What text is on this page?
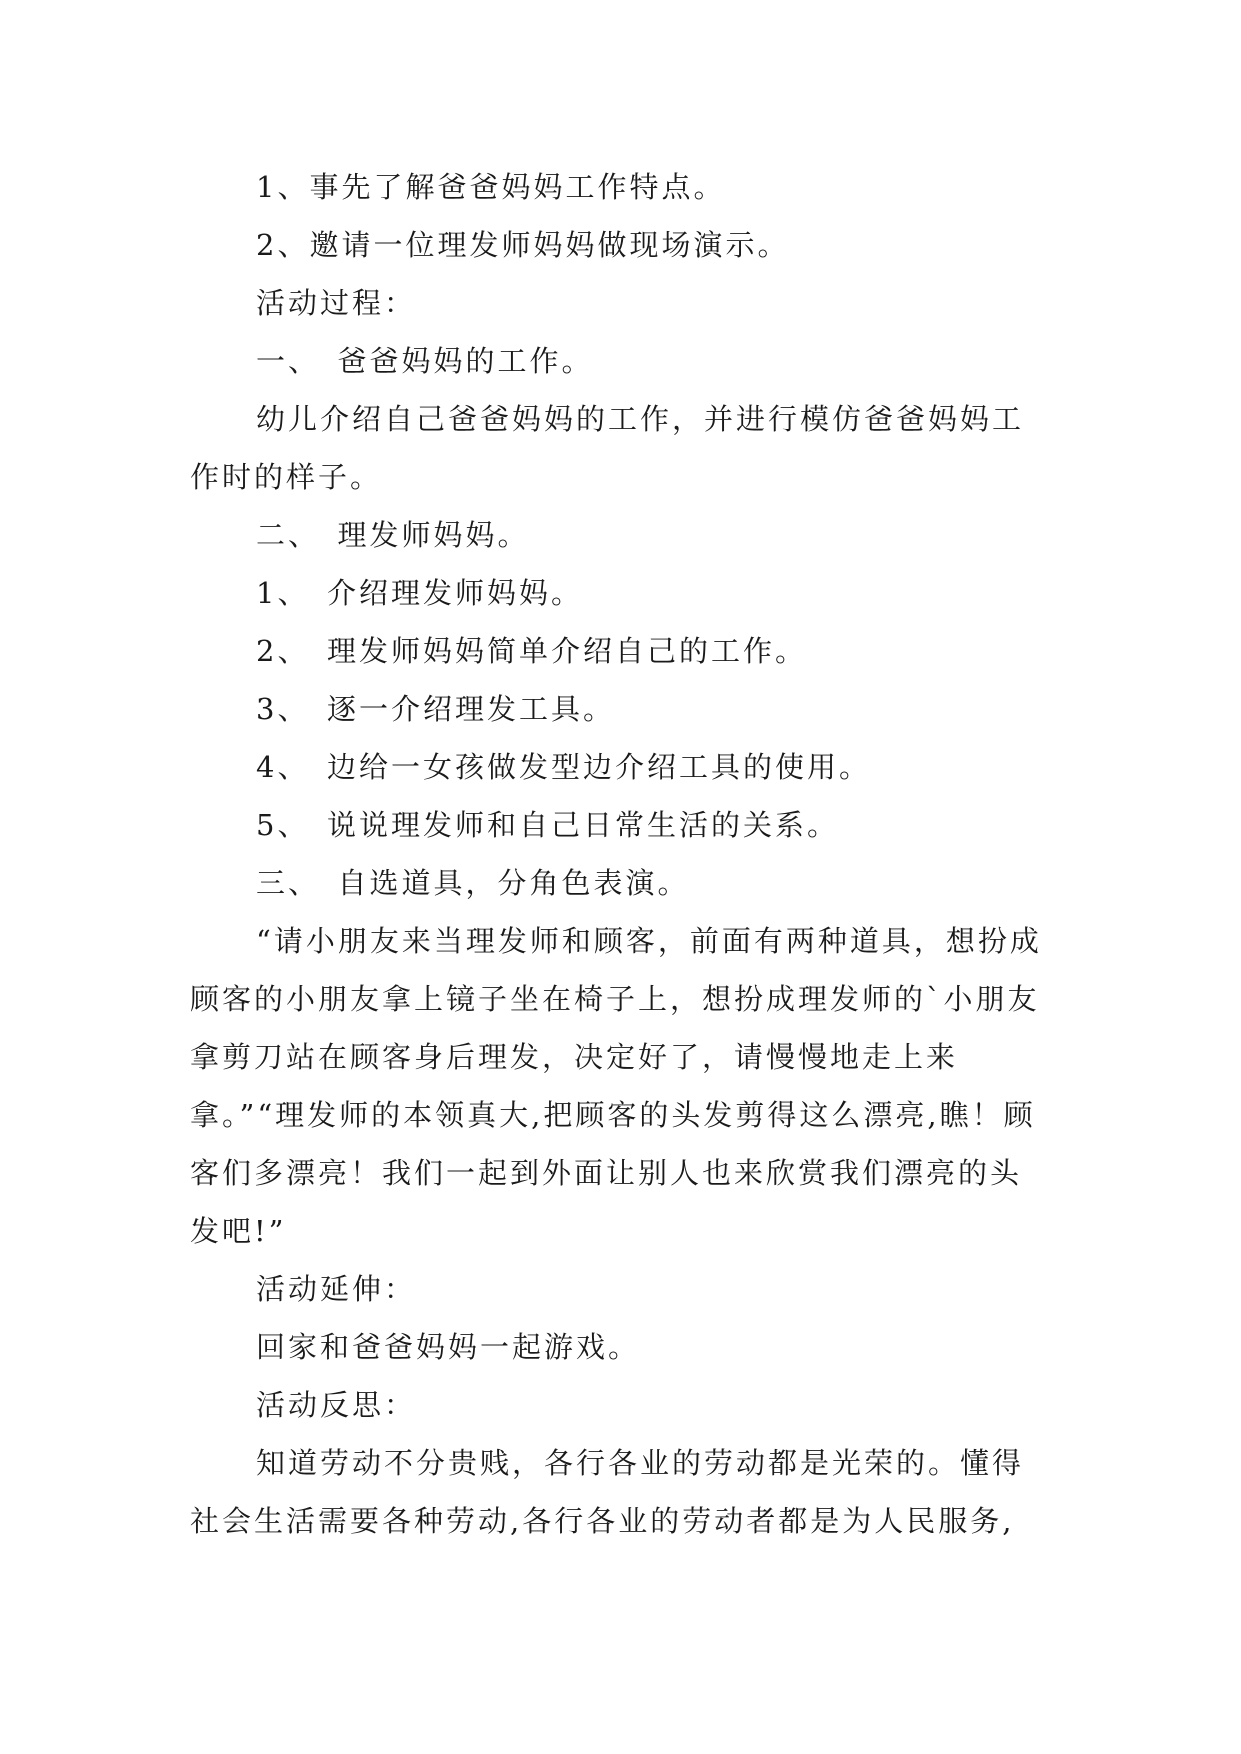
1、事先了解爸爸妈妈工作特点。

2、邀请一位理发师妈妈做现场演示。

活动过程：

一、　爸爸妈妈的工作。

幼儿介绍自己爸爸妈妈的工作，并进行模仿爸爸妈妈工作时的样子。

二、　理发师妈妈。

1、　介绍理发师妈妈。

2、　理发师妈妈简单介绍自己的工作。

3、　逐一介绍理发工具。

4、　边给一女孩做发型边介绍工具的使用。

5、　说说理发师和自己日常生活的关系。

三、　自选道具，分角色表演。

“请小朋友来当理发师和顾客，前面有两种道具，想扮成顾客的小朋友拿上镜子坐在椅子上，想扮成理发师的`小朋友拿剪刀站在顾客身后理发，决定好了，请慢慢地走上来拿。”“理发师的本领真大,把顾客的头发剪得这么漂亮,瞧！顾客们多漂亮！我们一起到外面让别人也来欣赏我们漂亮的头发吧!”

活动延伸：

回家和爸爸妈妈一起游戏。

活动反思：

知道劳动不分贵贱，各行各业的劳动都是光荣的。懂得社会生活需要各种劳动,各行各业的劳动者都是为人民服务,
